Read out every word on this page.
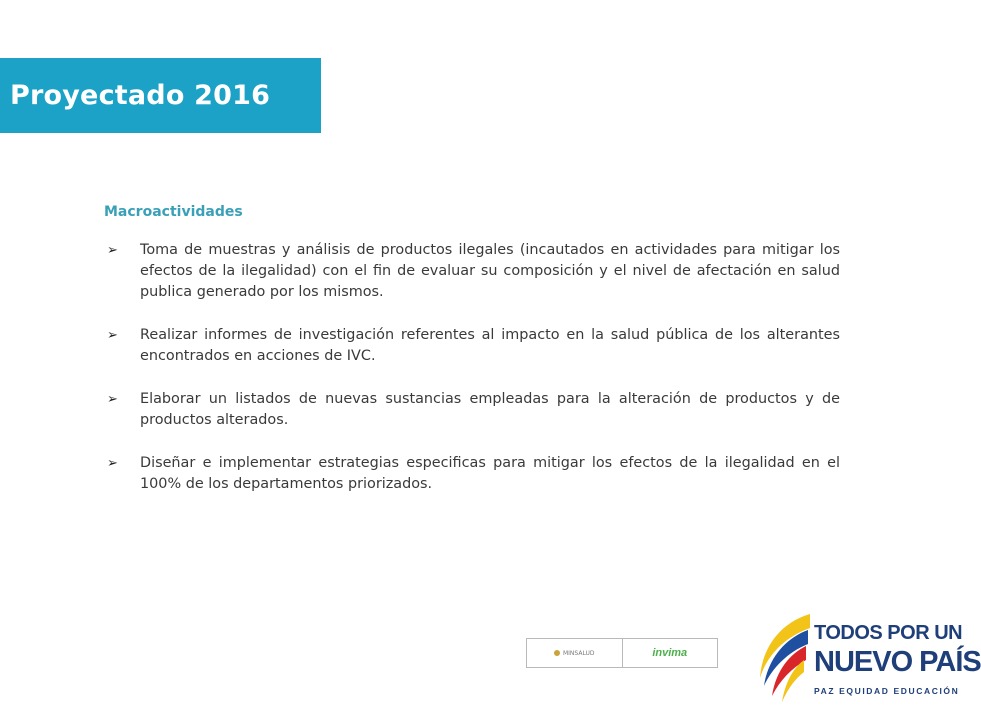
Proyectado 2016
Macroactividades
➢ Toma de muestras y análisis de productos ilegales (incautados en actividades para mitigar los efectos de la ilegalidad) con el fin de evaluar su composición y el nivel de afectación en salud publica generado por los mismos.
➢ Realizar informes de investigación referentes al impacto en la salud pública de los alterantes encontrados en acciones de IVC.
➢ Elaborar un listados de nuevas sustancias empleadas para la alteración de productos y de productos alterados.
➢ Diseñar e implementar estrategias especificas para mitigar los efectos de la ilegalidad en el 100% de los departamentos priorizados.
MINSALUD	invima
TODOS POR UN
NUEVO PAÍS
PAZ EQUIDAD EDUCACIÓN
